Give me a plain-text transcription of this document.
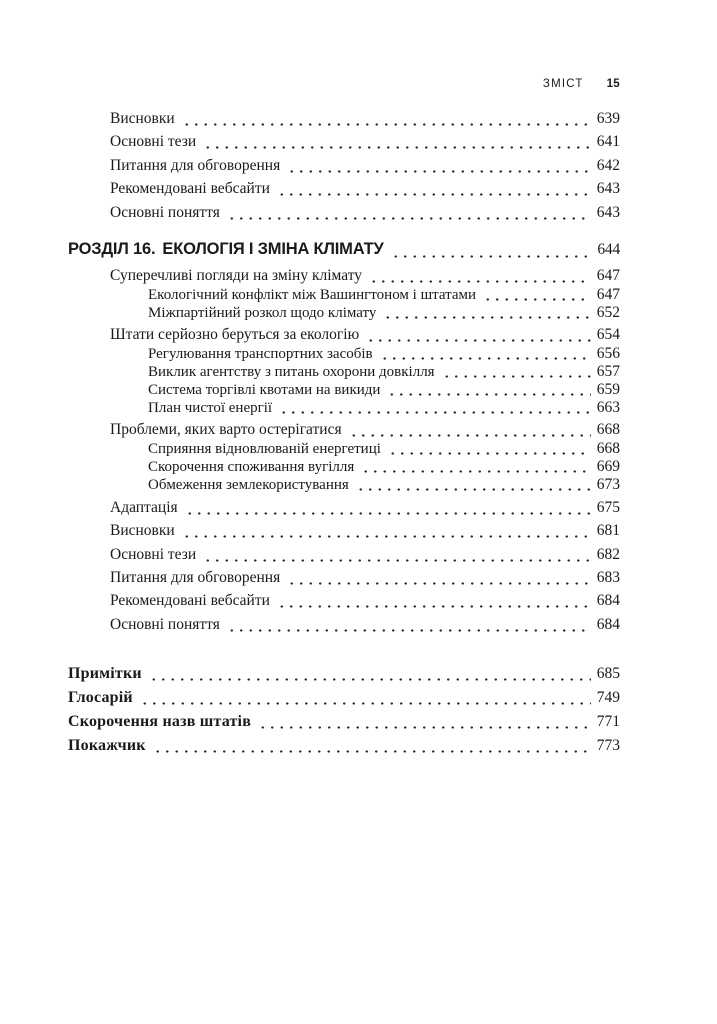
ЗМІСТ 15
Висновки	639
Основні тези	641
Питання для обговорення	642
Рекомендовані вебсайти	643
Основні поняття	643
РОЗДІЛ 16. ЕКОЛОГІЯ І ЗМІНА КЛІМАТУ	644
Суперечливі погляди на зміну клімату	647
Екологічний конфлікт між Вашингтоном і штатами	647
Міжпартійний розкол щодо клімату	652
Штати серйозно беруться за екологію	654
Регулювання транспортних засобів	656
Виклик агентству з питань охорони довкілля	657
Система торгівлі квотами на викиди	659
План чистої енергії	663
Проблеми, яких варто остерігатися	668
Сприяння відновлюваній енергетиці	668
Скорочення споживання вугілля	669
Обмеження землекористування	673
Адаптація	675
Висновки	681
Основні тези	682
Питання для обговорення	683
Рекомендовані вебсайти	684
Основні поняття	684
Примітки	685
Глосарій	749
Скорочення назв штатів	771
Покажчик	773
